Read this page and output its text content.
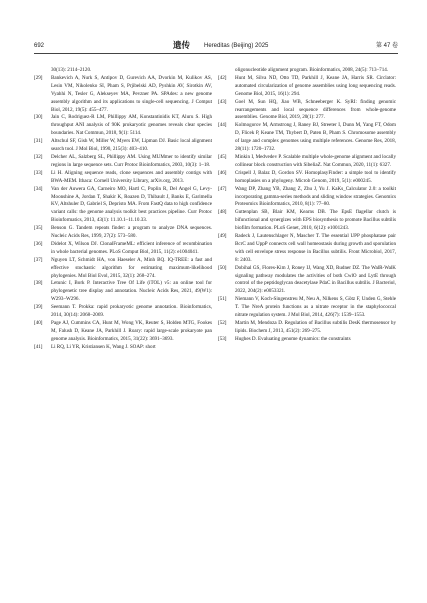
692	遗传 Hereditas (Beijing) 2025	第 47 卷
30(13): 2114–2120.
[29] Bankevich A, Nurk S, Antipov D, Gurevich AA, Dvorkin M, Kulikov AS, Lesin VM, Nikolenko SI, Pham S, Prjibelski AD, Pyshkin AV, Sirotkin AV, Vyahhi N, Tesler G, Alekseyev MA, Pevzner PA. SPAdes: a new genome assembly algorithm and its applications to single-cell sequencing. J Comput Biol, 2012, 19(5): 455–477.
[30] Jain C, Rodriguez-R LM, Phillippy AM, Konstantinidis KT, Aluru S. High throughput ANI analysis of 90K prokaryotic genomes reveals clear species boundaries. Nat Commun, 2018, 9(1): 5114.
[31] Altschul SF, Gish W, Miller W, Myers EW, Lipman DJ. Basic local alignment search tool. J Mol Biol, 1990, 215(3): 403–410.
[32] Delcher AL, Salzberg SL, Phillippy AM. Using MUMmer to identify similar regions in large sequence sets. Curr Protoc Bioinformatics, 2003, 10(3): 1–18.
[33] Li H. Aligning sequence reads, clone sequences and assembly contigs with BWA-MEM. Ithaca: Cornell University Library, arXiv.org, 2013.
[34] Van der Auwera GA, Carneiro MO, Hartl C, Poplin R, Del Angel G, Levy-Moonshine A, Jordan T, Shakir K, Roazen D, Thibault J, Banks E, Garimella KV, Altshuler D, Gabriel S, Depristo MA. From FastQ data to high confidence variant calls: the genome analysis toolkit best practices pipeline. Curr Protoc Bioinformatics, 2013, 43(1): 11.10.1–11.10.33.
[35] Benson G. Tandem repeats finder: a program to analyze DNA sequences. Nucleic Acids Res, 1999, 27(2): 573–580.
[36] Didelot X, Wilson DJ. ClonalFrameML: efficient inference of recombination in whole bacterial genomes. PLoS Comput Biol, 2015, 11(2): e1004041.
[37] Nguyen LT, Schmidt HA, von Haeseler A, Minh BQ. IQ-TREE: a fast and effective stochastic algorithm for estimating maximum-likelihood phylogenies. Mol Biol Evol, 2015, 32(1): 268–274.
[38] Letunic I, Bork P. Interactive Tree Of Life (iTOL) v5: an online tool for phylogenetic tree display and annotation. Nucleic Acids Res, 2021, 49(W1): W293–W296.
[39] Seemann T. Prokka: rapid prokaryotic genome annotation. Bioinformatics, 2014, 30(14): 2068–2069.
[40] Page AJ, Cummins CA, Hunt M, Wong VK, Reuter S, Holden MTG, Fookes M, Falush D, Keane JA, Parkhill J. Roary: rapid large-scale prokaryote pan genome analysis. Bioinformatics, 2015, 31(22): 3691–3693.
[41] Li RQ, Li YR, Kristiansen K, Wang J. SOAP: short
oligonucleotide alignment program. Bioinformatics, 2008, 24(5): 713–714.
[42] Hunt M, Silva ND, Otto TD, Parkhill J, Keane JA, Harris SR. Circlator: automated circularization of genome assemblies using long sequencing reads. Genome Biol, 2015, 16(1): 294.
[43] Goel M, Sun HQ, Jiao WB, Schneeberger K. SyRI: finding genomic rearrangements and local sequence differences from whole-genome assemblies. Genome Biol, 2019, 20(1): 277.
[44] Kolmogorov M, Armstrong J, Raney BJ, Streeter I, Dunn M, Yang FT, Odom D, Flicek P, Keane TM, Thybert D, Paten B, Pham S. Chromosome assembly of large and complex genomes using multiple references. Genome Res, 2018, 28(11): 1720–1732.
[45] Minkin I, Medvedev P. Scalable multiple whole-genome alignment and locally collinear block construction with SibeliaZ. Nat Commun, 2020, 11(1): 6327.
[46] Crispell J, Balaz D, Gordon SV. HomoplasyFinder: a simple tool to identify homoplasies on a phylogeny. Microb Genom, 2019, 5(1): e000245.
[47] Wang DP, Zhang YB, Zhang Z, Zhu J, Yu J. KaKs_Calculator 2.0: a toolkit incorporating gamma-series methods and sliding window strategies. Genomics Proteomics Bioinformatics, 2010, 8(1): 77–80.
[48] Guttenplan SB, Blair KM, Kearns DB. The EpsE flagellar clutch is bifunctional and synergizes with EPS biosynthesis to promote Bacillus subtilis biofilm formation. PLoS Genet, 2010, 6(12): e1001243.
[49] Radeck J, Lautenschlager N, Mascher T. The essential UPP phosphatase pair BcrC and UppP connects cell wall homeostasis during growth and sporulation with cell envelope stress response in Bacillus subtilis. Front Microbiol, 2017, 8: 2403.
[50] Dobihal GS, Flores-Kim J, Roney IJ, Wang XD, Rudner DZ. The WalR-WalK signaling pathway modulates the activities of both CwlO and LytE through control of the peptidoglycan deacetylase PdaC in Bacillus subtilis. J Bacteriol, 2022, 204(2): e0053321.
[51] Niemann V, Koch-Singenstreu M, Neu A, Nilkens S, Götz F, Unden G, Stehle T. The NreA protein functions as a nitrate receptor in the staphylococcal nitrate regulation system. J Mol Biol, 2014, 426(7): 1539–1553.
[52] Martin M, Mendoza D. Regulation of Bacillus subtilis DesK thermosensor by lipids. Biochem J, 2013, 451(2): 269–275.
[53] Hughes D. Evaluating genome dynamics: the constraints
